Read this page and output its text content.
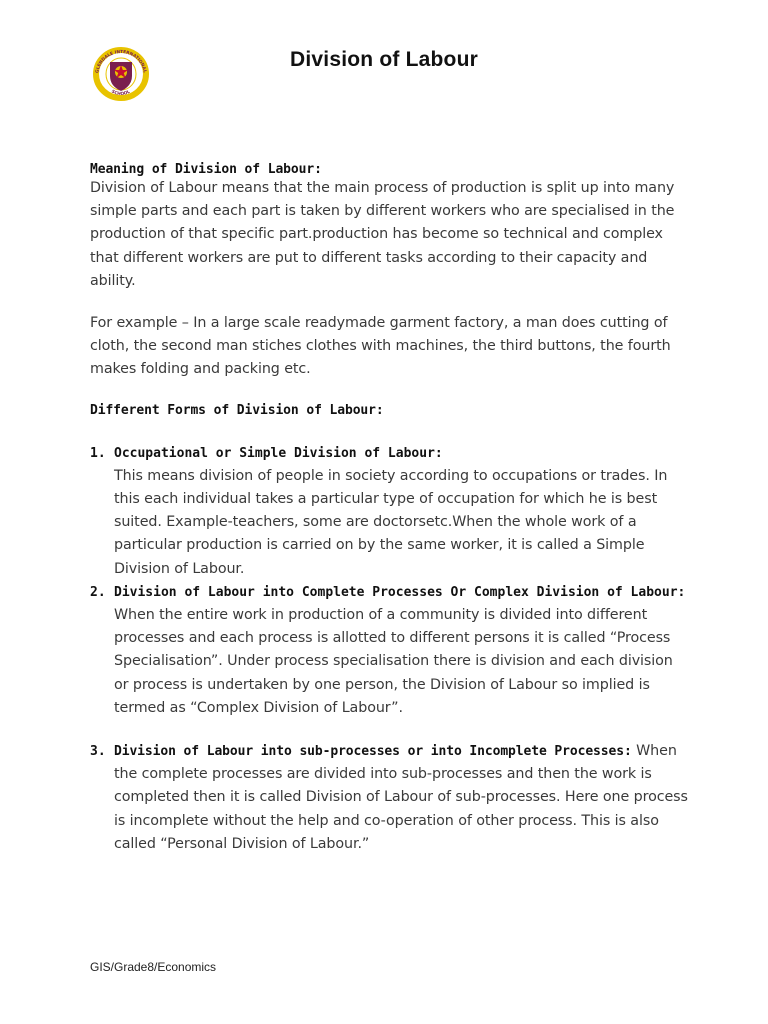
GLENDALE INTERNATIONAL
SCHOOL
Division of Labour
Meaning of Division of Labour:

Division of Labour means that the main process of production is split up into many simple parts and each part is taken by different workers who are specialised in the production of that specific part.production has become so technical and complex that different workers are put to different tasks according to their capacity and ability.

For example – In a large scale readymade garment factory, a man does cutting of cloth, the second man stiches clothes with machines, the third buttons, the fourth makes folding and packing etc.

Different Forms of Division of Labour:
1. Occupational or Simple Division of Labour:

This means division of people in society according to occupations or trades. In this each individual takes a particular type of occupation for which he is best suited. Example-teachers, some are doctorsetc.When the whole work of a particular production is carried on by the same worker, it is called a Simple Division of Labour.

2. Division of Labour into Complete Processes Or Complex Division of Labour:

When the entire work in production of a community is divided into different processes and each process is allotted to different persons it is called “Process Specialisation”. Under process specialisation there is division and each division or process is undertaken by one person, the Division of Labour so implied is termed as “Complex Division of Labour”.

3. Division of Labour into sub-processes or into Incomplete Processes: When the complete processes are divided into sub-processes and then the work is completed then it is called Division of Labour of sub-processes. Here one process is incomplete without the help and co-operation of other process. This is also called “Personal Division of Labour.”

GIS/Grade8/Economics
